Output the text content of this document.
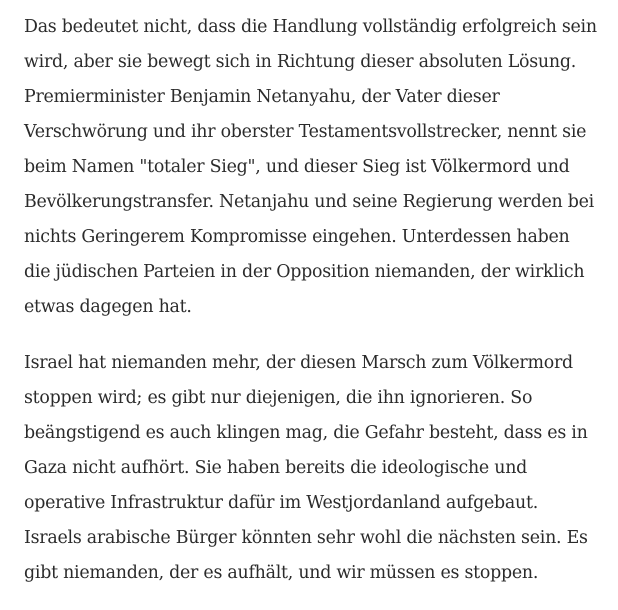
Das bedeutet nicht, dass die Handlung vollständig erfolgreich sein
wird, aber sie bewegt sich in Richtung dieser absoluten Lösung.
Premierminister Benjamin Netanyahu, der Vater dieser
Verschwörung und ihr oberster Testamentsvollstrecker, nennt sie
beim Namen "totaler Sieg", und dieser Sieg ist Völkermord und
Bevölkerungstransfer. Netanjahu und seine Regierung werden bei
nichts Geringerem Kompromisse eingehen. Unterdessen haben
die jüdischen Parteien in der Opposition niemanden, der wirklich
etwas dagegen hat.

Israel hat niemanden mehr, der diesen Marsch zum Völkermord
stoppen wird; es gibt nur diejenigen, die ihn ignorieren. So
beängstigend es auch klingen mag, die Gefahr besteht, dass es in
Gaza nicht aufhört. Sie haben bereits die ideologische und
operative Infrastruktur dafür im Westjordanland aufgebaut.
Israels arabische Bürger könnten sehr wohl die nächsten sein. Es
gibt niemanden, der es aufhält, und wir müssen es stoppen.
